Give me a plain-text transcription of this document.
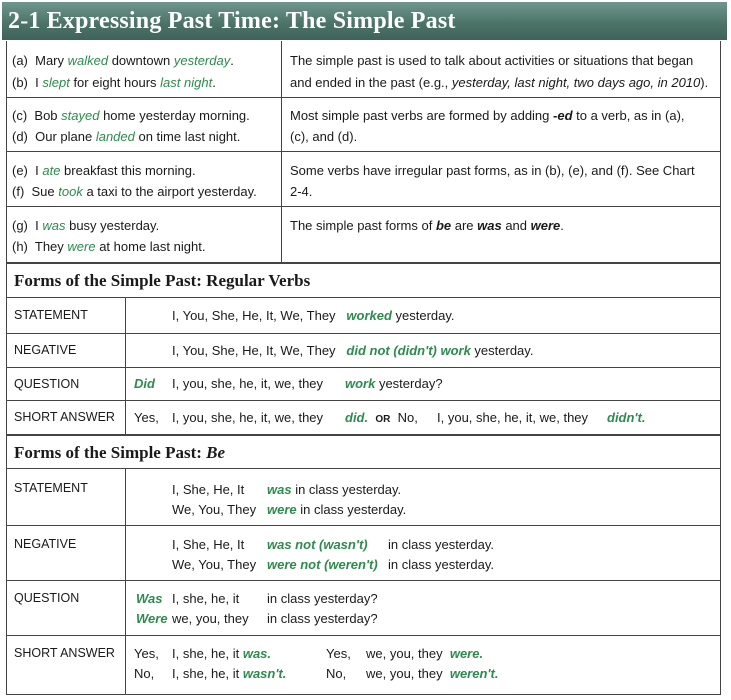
2-1 Expressing Past Time: The Simple Past
(a) Mary walked downtown yesterday.
(b) I slept for eight hours last night.
The simple past is used to talk about activities or situations that began
and ended in the past (e.g., yesterday, last night, two days ago, in 2010).
(c) Bob stayed home yesterday morning.
(d) Our plane landed on time last night.
Most simple past verbs are formed by adding -ed to a verb, as in (a),
(c), and (d).
(e) I ate breakfast this morning.
(f) Sue took a taxi to the airport yesterday.
Some verbs have irregular past forms, as in (b), (e), and (f). See Chart
2-4.
(g) I was busy yesterday.
(h) They were at home last night.
The simple past forms of be are was and were.
Forms of the Simple Past: Regular Verbs
STATEMENT	I, You, She, He, It, We, They worked yesterday.
NEGATIVE	I, You, She, He, It, We, They did not (didn't) work yesterday.
QUESTION	Did I, you, she, he, it, we, they work yesterday?
SHORT ANSWER Yes, I, you, she, he, it, we, they did. OR No, I, you, she, he, it, we, they didn't.
Forms of the Simple Past: Be
STATEMENT	I, She, He, It was in class yesterday.
We, You, They were in class yesterday.
NEGATIVE	I, She, He, It was not (wasn't) in class yesterday.
We, You, They were not (weren't) in class yesterday.
QUESTION	Was I, she, he, it in class yesterday?
Were we, you, they in class yesterday?
SHORT ANSWER Yes, I, she, he, it was.	Yes, we, you, they were.
No, I, she, he, it wasn't.	No, we, you, they weren't.
